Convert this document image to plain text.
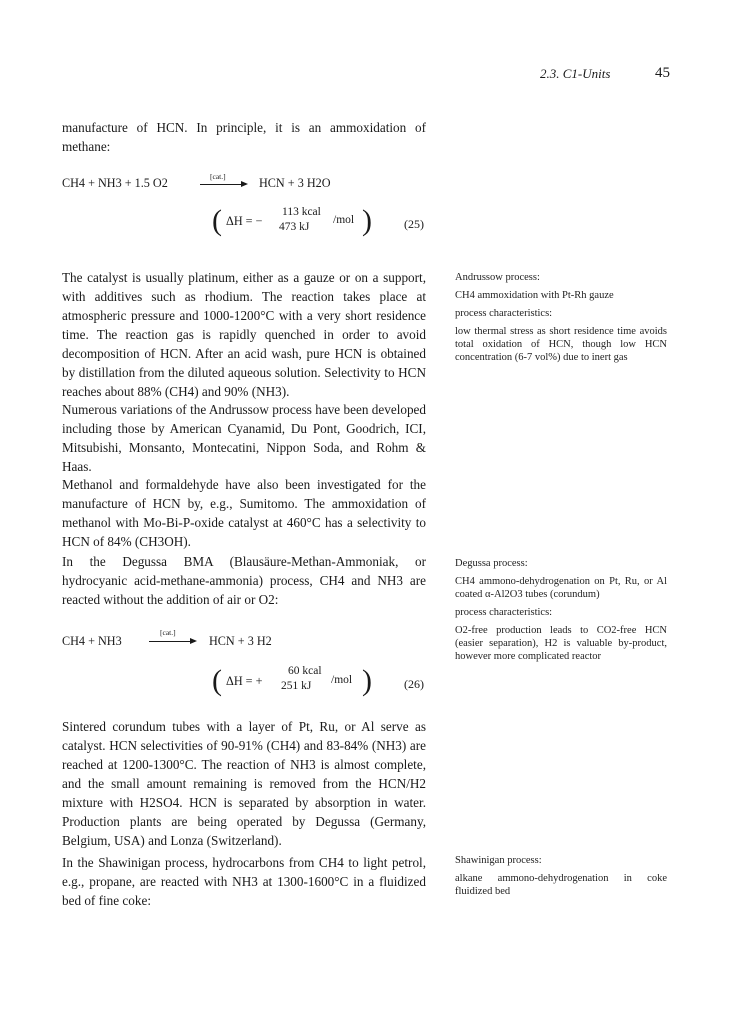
2.3. C1-Units	45

manufacture of HCN. In principle, it is an ammoxidation of methane:

CH4 + NH3 + 1.5 O2	[cat.]	HCN + 3 H2O
( ΔH = −
113 kcal
473 kJ
/mol )	(25)

The catalyst is usually platinum, either as a gauze or on a support, with additives such as rhodium. The reaction takes place at atmospheric pressure and 1000-1200°C with a very short residence time. The reaction gas is rapidly quenched in order to avoid decomposition of HCN. After an acid wash, pure HCN is obtained by distillation from the diluted aqueous solution. Selectivity to HCN reaches about 88% (CH4) and 90% (NH3).

Numerous variations of the Andrussow process have been developed including those by American Cyanamid, Du Pont, Goodrich, ICI, Mitsubishi, Monsanto, Montecatini, Nippon Soda, and Rohm & Haas.

Methanol and formaldehyde have also been investigated for the manufacture of HCN by, e.g., Sumitomo. The ammoxidation of methanol with Mo-Bi-P-oxide catalyst at 460°C has a selectivity to HCN of 84% (CH3OH).

In the Degussa BMA (Blausäure-Methan-Ammoniak, or hydrocyanic acid-methane-ammonia) process, CH4 and NH3 are reacted without the addition of air or O2:

CH4 + NH3
[cat.]
HCN + 3 H2
( ΔH = +
60 kcal
251 kJ /mol )	(26)

Sintered corundum tubes with a layer of Pt, Ru, or Al serve as catalyst. HCN selectivities of 90-91% (CH4) and 83-84% (NH3) are reached at 1200-1300°C. The reaction of NH3 is almost complete, and the small amount remaining is removed from the HCN/H2 mixture with H2SO4. HCN is separated by absorption in water. Production plants are being operated by Degussa (Germany, Belgium, USA) and Lonza (Switzerland).

In the Shawinigan process, hydrocarbons from CH4 to light petrol, e.g., propane, are reacted with NH3 at 1300-1600°C in a fluidized bed of fine coke:

Andrussow process:

CH4 ammoxidation with Pt-Rh gauze

process characteristics:

low thermal stress as short residence time avoids total oxidation of HCN, though low HCN concentration (6-7 vol%) due to inert gas

Degussa process:

CH4 ammono-dehydrogenation on Pt, Ru, or Al coated α-Al2O3 tubes (corundum)

process characteristics:

O2-free production leads to CO2-free HCN (easier separation), H2 is valuable by-product, however more complicated reactor

Shawinigan process:

alkane ammono-dehydrogenation in coke fluidized bed
